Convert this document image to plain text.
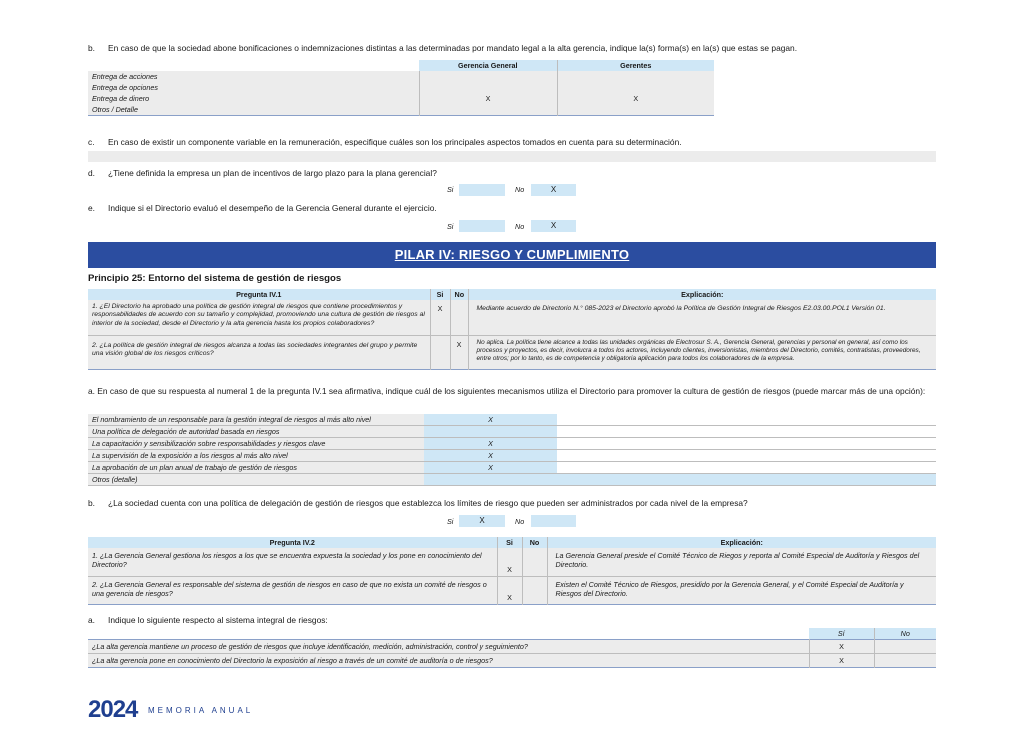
b. En caso de que la sociedad abone bonificaciones o indemnizaciones distintas a las determinadas por mandato legal a la alta gerencia, indique la(s) forma(s) en la(s) que estas se pagan.
	Gerencia General	Gerentes
Entrega de acciones		
Entrega de opciones		
Entrega de dinero	X	X
Otros / Detalle		
c. En caso de existir un componente variable en la remuneración, especifique cuáles son los principales aspectos tomados en cuenta para su determinación.
d. ¿Tiene definida la empresa un plan de incentivos de largo plazo para la plana gerencial?
Si	No	X
e. Indique si el Directorio evaluó el desempeño de la Gerencia General durante el ejercicio.
Si	No	X
PILAR IV: RIESGO Y CUMPLIMIENTO
Principio 25: Entorno del sistema de gestión de riesgos
Pregunta IV.1	Si	No	Explicación:
1. ¿El Directorio ha aprobado una política de gestión integral de riesgos que contiene procedimientos y responsabilidades de acuerdo con su tamaño y complejidad, promoviendo una cultura de gestión de riesgos al interior de la sociedad, desde el Directorio y la alta gerencia hasta los propios colaboradores?	X		Mediante acuerdo de Directorio N.° 085-2023 el Directorio aprobó la Política de Gestión Integral de Riesgos E2.03.00.POL1 Versión 01.
2. ¿La política de gestión integral de riesgos alcanza a todas las sociedades integrantes del grupo y permite una visión global de los riesgos críticos?		X	No aplica. La política tiene alcance a todas las unidades orgánicas de Electrosur S. A., Gerencia General, gerencias y personal en general, así como los procesos y proyectos, es decir, involucra a todos los actores, incluyendo clientes, inversionistas, miembros del Directorio, comités, contratistas, proveedores, entre otros; por lo tanto, es de competencia y obligatoria aplicación para todos los colaboradores de la empresa.
a. En caso de que su respuesta al numeral 1 de la pregunta IV.1 sea afirmativa, indique cuál de los siguientes mecanismos utiliza el Directorio para promover la cultura de gestión de riesgos (puede marcar más de una opción):
El nombramiento de un responsable para la gestión integral de riesgos al más alto nivel	X	
Una política de delegación de autoridad basada en riesgos		
La capacitación y sensibilización sobre responsabilidades y riesgos clave	X	
La supervisión de la exposición a los riesgos al más alto nivel	X	
La aprobación de un plan anual de trabajo de gestión de riesgos	X	
Otros (detalle)		
b. ¿La sociedad cuenta con una política de delegación de gestión de riesgos que establezca los límites de riesgo que pueden ser administrados por cada nivel de la empresa?
Si	X	No
Pregunta IV.2	Si	No	Explicación:
1. ¿La Gerencia General gestiona los riesgos a los que se encuentra expuesta la sociedad y los pone en conocimiento del Directorio?	X		La Gerencia General preside el Comité Técnico de Riegos y reporta al Comité Especial de Auditoría y Riesgos del Directorio.
2. ¿La Gerencia General es responsable del sistema de gestión de riesgos en caso de que no exista un comité de riesgos o una gerencia de riesgos?	X		Existen el Comité Técnico de Riesgos, presidido por la Gerencia General, y el Comité Especial de Auditoría y Riesgos del Directorio.
a. Indique lo siguiente respecto al sistema integral de riesgos:
	Sí	No
¿La alta gerencia mantiene un proceso de gestión de riesgos que incluye identificación, medición, administración, control y seguimiento?	X	
¿La alta gerencia pone en conocimiento del Directorio la exposición al riesgo a través de un comité de auditoría o de riesgos?	X	
2024 MEMORIA ANUAL
